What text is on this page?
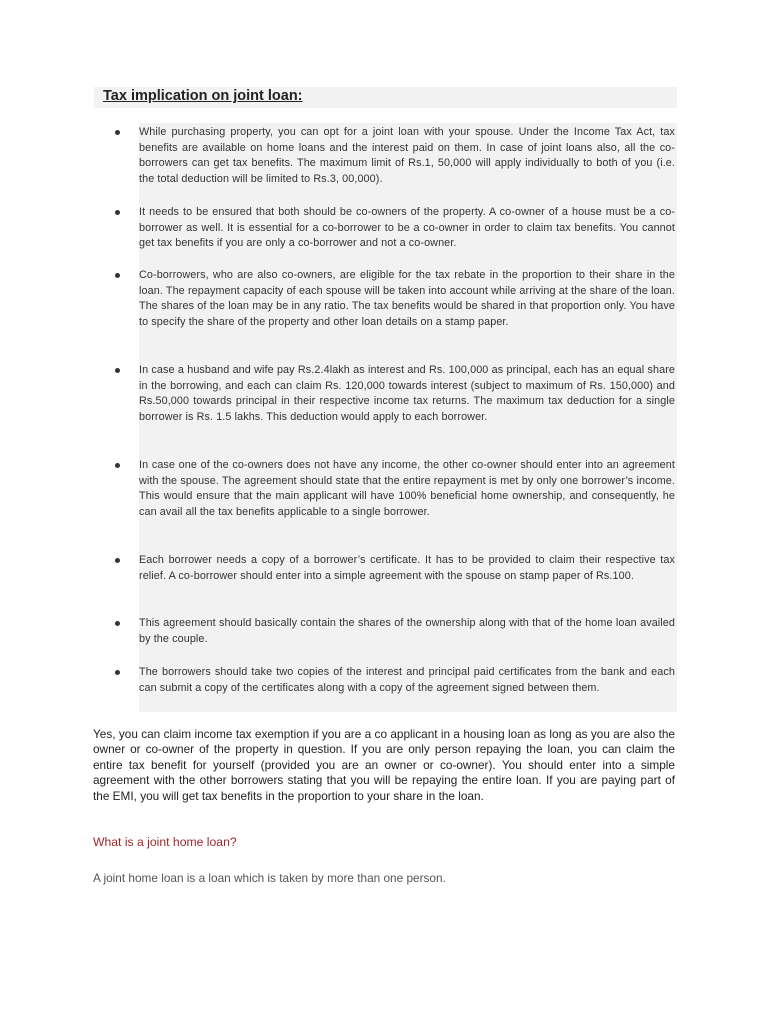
Tax implication on joint loan:
While purchasing property, you can opt for a joint loan with your spouse. Under the Income Tax Act, tax benefits are available on home loans and the interest paid on them. In case of joint loans also, all the co-borrowers can get tax benefits. The maximum limit of Rs.1, 50,000 will apply individually to both of you (i.e. the total deduction will be limited to Rs.3, 00,000).
It needs to be ensured that both should be co-owners of the property. A co-owner of a house must be a co-borrower as well. It is essential for a co-borrower to be a co-owner in order to claim tax benefits. You cannot get tax benefits if you are only a co-borrower and not a co-owner.
Co-borrowers, who are also co-owners, are eligible for the tax rebate in the proportion to their share in the loan. The repayment capacity of each spouse will be taken into account while arriving at the share of the loan. The shares of the loan may be in any ratio. The tax benefits would be shared in that proportion only. You have to specify the share of the property and other loan details on a stamp paper.
In case a husband and wife pay Rs.2.4lakh as interest and Rs. 100,000 as principal, each has an equal share in the borrowing, and each can claim Rs. 120,000 towards interest (subject to maximum of Rs. 150,000) and Rs.50,000 towards principal in their respective income tax returns. The maximum tax deduction for a single borrower is Rs. 1.5 lakhs. This deduction would apply to each borrower.
In case one of the co-owners does not have any income, the other co-owner should enter into an agreement with the spouse. The agreement should state that the entire repayment is met by only one borrower’s income. This would ensure that the main applicant will have 100% beneficial home ownership, and consequently, he can avail all the tax benefits applicable to a single borrower.
Each borrower needs a copy of a borrower’s certificate. It has to be provided to claim their respective tax relief. A co-borrower should enter into a simple agreement with the spouse on stamp paper of Rs.100.
This agreement should basically contain the shares of the ownership along with that of the home loan availed by the couple.
The borrowers should take two copies of the interest and principal paid certificates from the bank and each can submit a copy of the certificates along with a copy of the agreement signed between them.

Yes, you can claim income tax exemption if you are a co applicant in a housing loan as long as you are also the owner or co-owner of the property in question. If you are only person repaying the loan, you can claim the entire tax benefit for yourself (provided you are an owner or co-owner). You should enter into a simple agreement with the other borrowers stating that you will be repaying the entire loan. If you are paying part of the EMI, you will get tax benefits in the proportion to your share in the loan.

What is a joint home loan?

A joint home loan is a loan which is taken by more than one person.
